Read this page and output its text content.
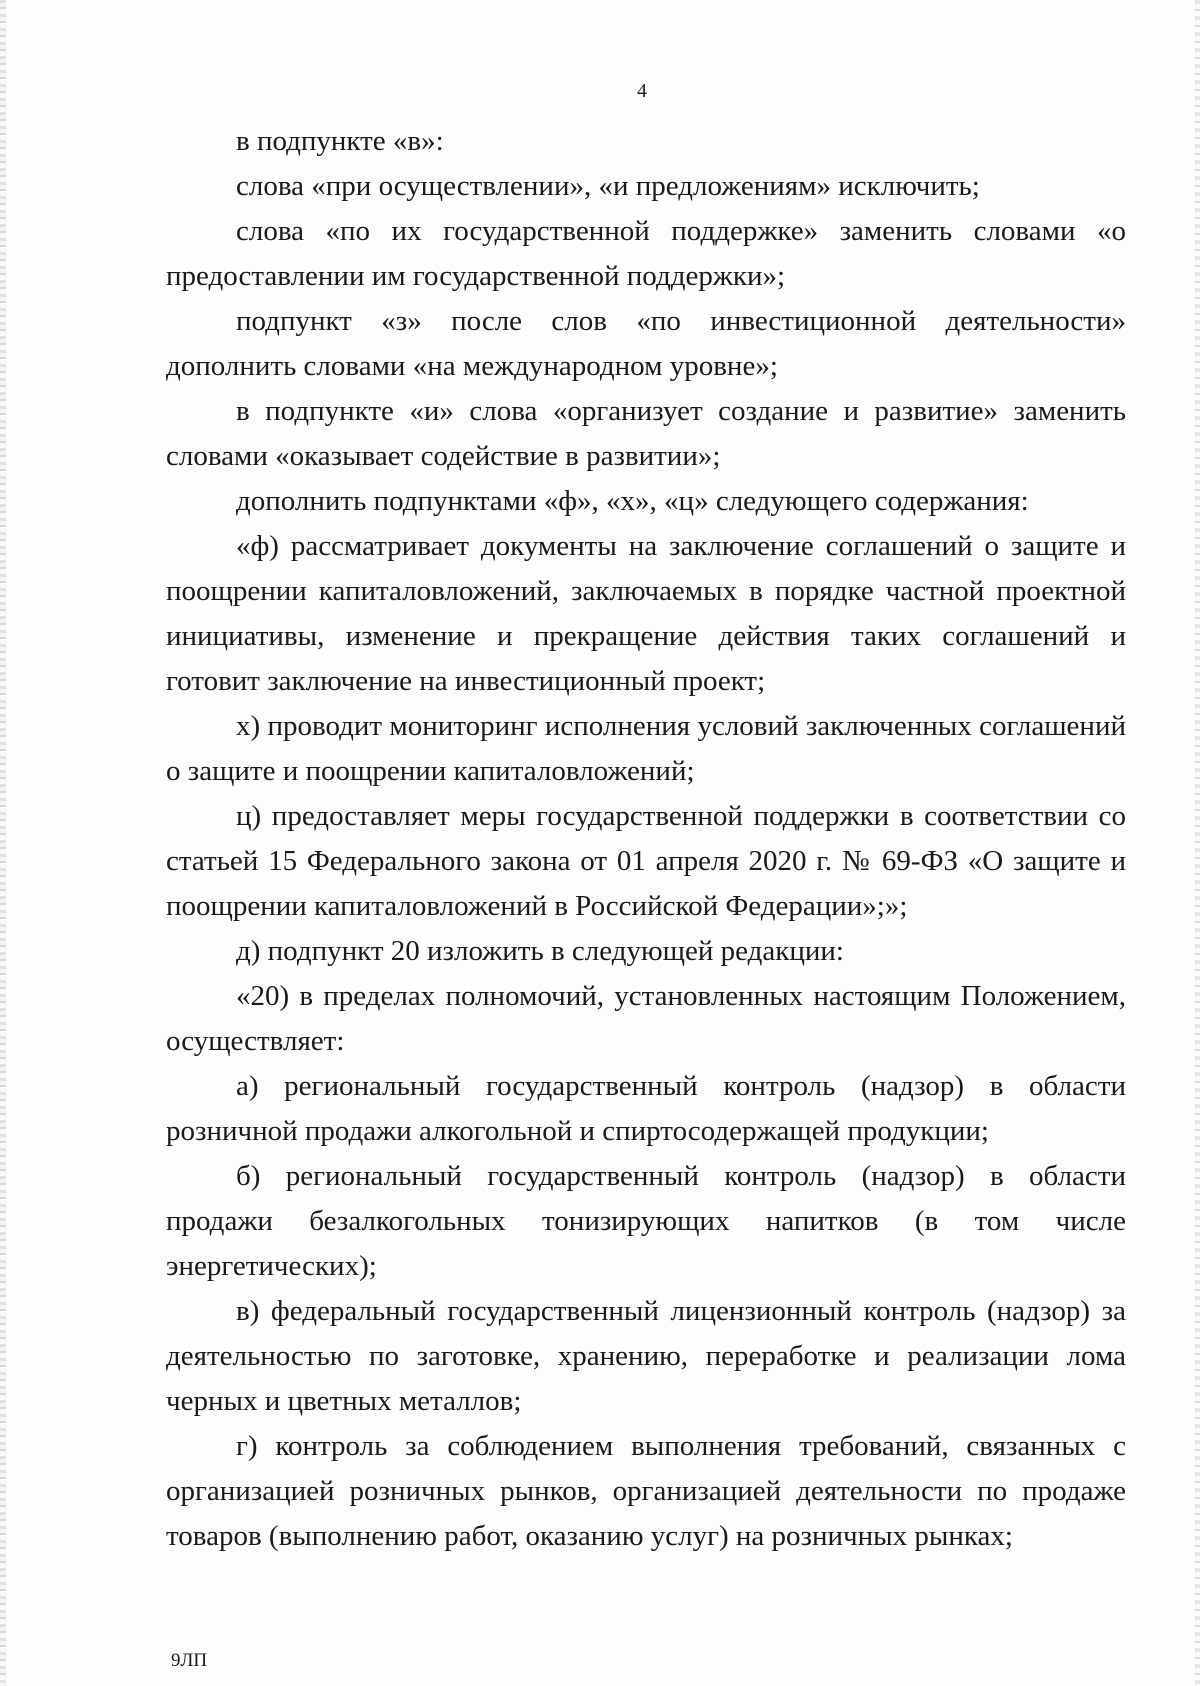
4

в подпункте «в»:

слова «при осуществлении», «и предложениям» исключить;

слова «по их государственной поддержке» заменить словами «о предоставлении им государственной поддержки»;

подпункт «з» после слов «по инвестиционной деятельности» дополнить словами «на международном уровне»;

в подпункте «и» слова «организует создание и развитие» заменить словами «оказывает содействие в развитии»;

дополнить подпунктами «ф», «х», «ц» следующего содержания:

«ф) рассматривает документы на заключение соглашений о защите и поощрении капиталовложений, заключаемых в порядке частной проектной инициативы, изменение и прекращение действия таких соглашений и готовит заключение на инвестиционный проект;

х) проводит мониторинг исполнения условий заключенных соглашений о защите и поощрении капиталовложений;

ц) предоставляет меры государственной поддержки в соответствии со статьей 15 Федерального закона от 01 апреля 2020 г. № 69-ФЗ «О защите и поощрении капиталовложений в Российской Федерации»;»;

д) подпункт 20 изложить в следующей редакции:

«20) в пределах полномочий, установленных настоящим Положением, осуществляет:

а) региональный государственный контроль (надзор) в области розничной продажи алкогольной и спиртосодержащей продукции;

б) региональный государственный контроль (надзор) в области продажи безалкогольных тонизирующих напитков (в том числе энергетических);

в) федеральный государственный лицензионный контроль (надзор) за деятельностью по заготовке, хранению, переработке и реализации лома черных и цветных металлов;

г) контроль за соблюдением выполнения требований, связанных с организацией розничных рынков, организацией деятельности по продаже товаров (выполнению работ, оказанию услуг) на розничных рынках;

9ЛП
